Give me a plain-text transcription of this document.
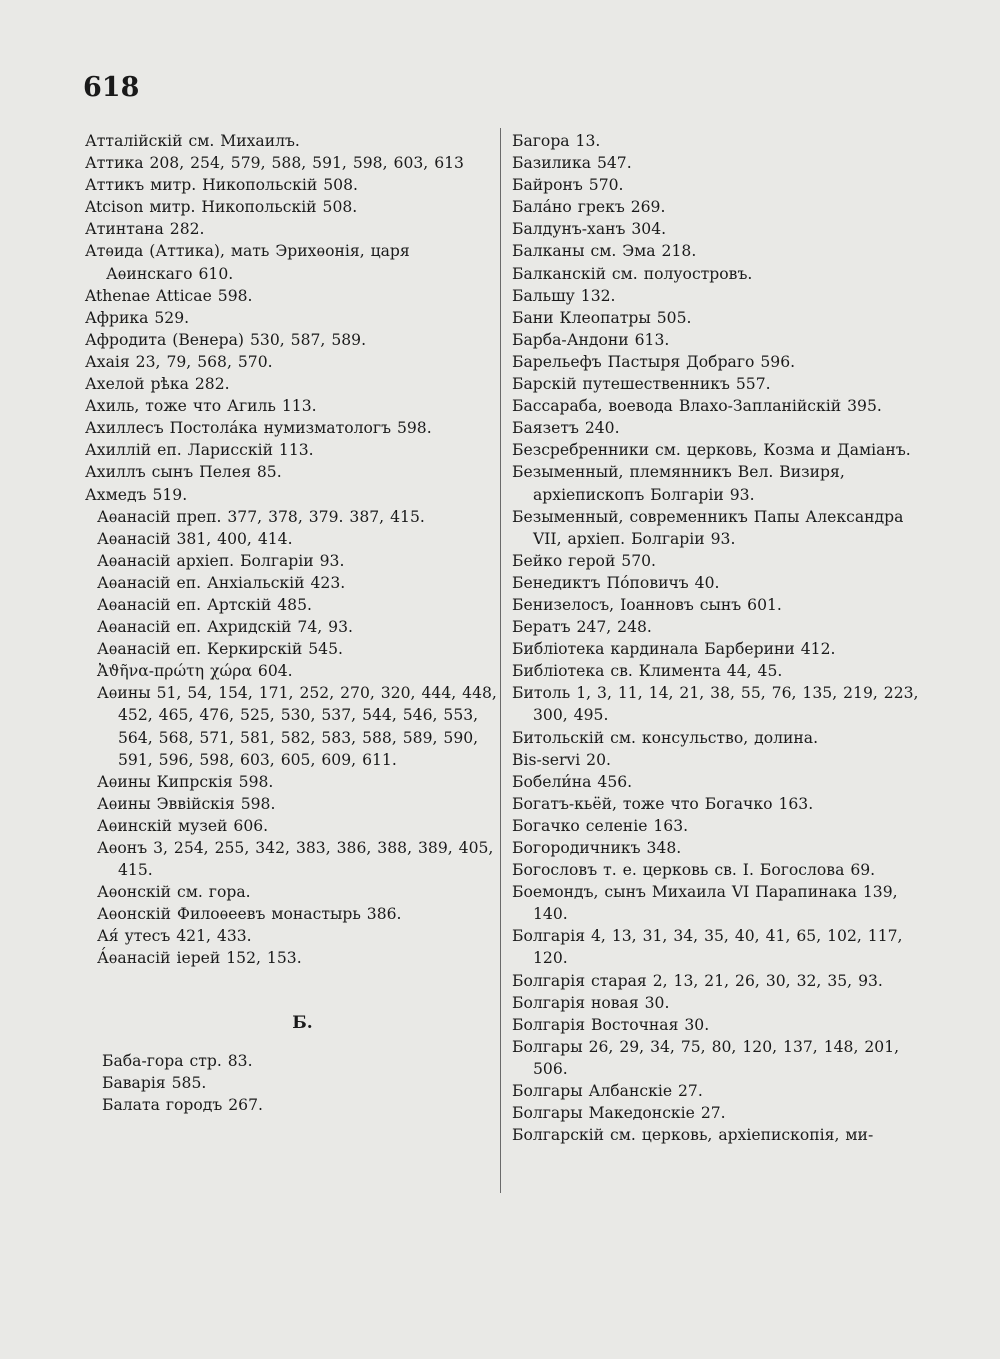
618
Атталійскій см. Михаилъ.
Аттика 208, 254, 579, 588, 591, 598, 603, 613
Аттикъ митр. Никопольскій 508.
Atcison митр. Никопольскій 508.
Атинтана 282.
Атѳида (Аттика), мать Эрихѳонія, царя Аѳинскаго 610.
Athenae Atticae 598.
Африка 529.
Афродита (Венера) 530, 587, 589.
Ахаія 23, 79, 568, 570.
Ахелой рѣка 282.
Ахиль, тоже что Агиль 113.
Ахиллесъ Постолáка нумизматологъ 598.
Ахиллій еп. Ларисскій 113.
Ахиллъ сынъ Пелея 85.
Ахмедъ 519.
Аѳанасій преп. 377, 378, 379. 387, 415.
Аѳанасій 381, 400, 414.
Аѳанасій архіеп. Болгаріи 93.
Аѳанасій еп. Анхіальскій 423.
Аѳанасій еп. Артскій 485.
Аѳанасій еп. Ахридскій 74, 93.
Аѳанасій еп. Керкирскій 545.
Ἀϑῆνα-πρώτη χώρα 604.
Аѳины 51, 54, 154, 171, 252, 270, 320, 444, 448, 452, 465, 476, 525, 530, 537, 544, 546, 553, 564, 568, 571, 581, 582, 583, 588, 589, 590, 591, 596, 598, 603, 605, 609, 611.
Аѳины Кипрскія 598.
Аѳины Эввійскія 598.
Аѳинскій музей 606.
Аѳонъ 3, 254, 255, 342, 383, 386, 388, 389, 405, 415.
Аѳонскій см. гора.
Аѳонскій Филоѳеевъ монастырь 386.
Ая́ утесъ 421, 433.
А́ѳанасій іерей 152, 153.
Б.
Баба-гора стр. 83.
Баварія 585.
Балата городъ 267.
Багора 13.
Базилика 547.
Байронъ 570.
Бала́но грекъ 269.
Балдунъ-ханъ 304.
Балканы см. Эма 218.
Балканскій см. полуостровъ.
Бальшу 132.
Бани Клеопатры 505.
Барба-Андони 613.
Барельефъ Пастыря Добраго 596.
Барскій путешественникъ 557.
Бассараба, воевода Влахо-Запланійскій 395.
Баязетъ 240.
Безсребренники см. церковь, Козма и Даміанъ.
Безыменный, племянникъ Вел. Визиря, архіепископъ Болгаріи 93.
Безыменный, современникъ Папы Александра VII, архіеп. Болгаріи 93.
Бейко герой 570.
Бенедиктъ По́повичъ 40.
Бенизелосъ, Іоанновъ сынъ 601.
Бератъ 247, 248.
Библіотека кардинала Барберини 412.
Библіотека св. Климента 44, 45.
Битоль 1, 3, 11, 14, 21, 38, 55, 76, 135, 219, 223, 300, 495.
Битольскій см. консульство, долина.
Bis-servi 20.
Бобели́на 456.
Богатъ-кьёй, тоже что Богачко 163.
Богачко селеніе 163.
Богородичникъ 348.
Богословъ т. е. церковь св. І. Богослова 69.
Боемондъ, сынъ Михаила VI Парапинака 139, 140.
Болгарія 4, 13, 31, 34, 35, 40, 41, 65, 102, 117, 120.
Болгарія старая 2, 13, 21, 26, 30, 32, 35, 93.
Болгарія новая 30.
Болгарія Восточная 30.
Болгары 26, 29, 34, 75, 80, 120, 137, 148, 201, 506.
Болгары Албанскіе 27.
Болгары Македонскіе 27.
Болгарскій см. церковь, архіепископія, ми-
